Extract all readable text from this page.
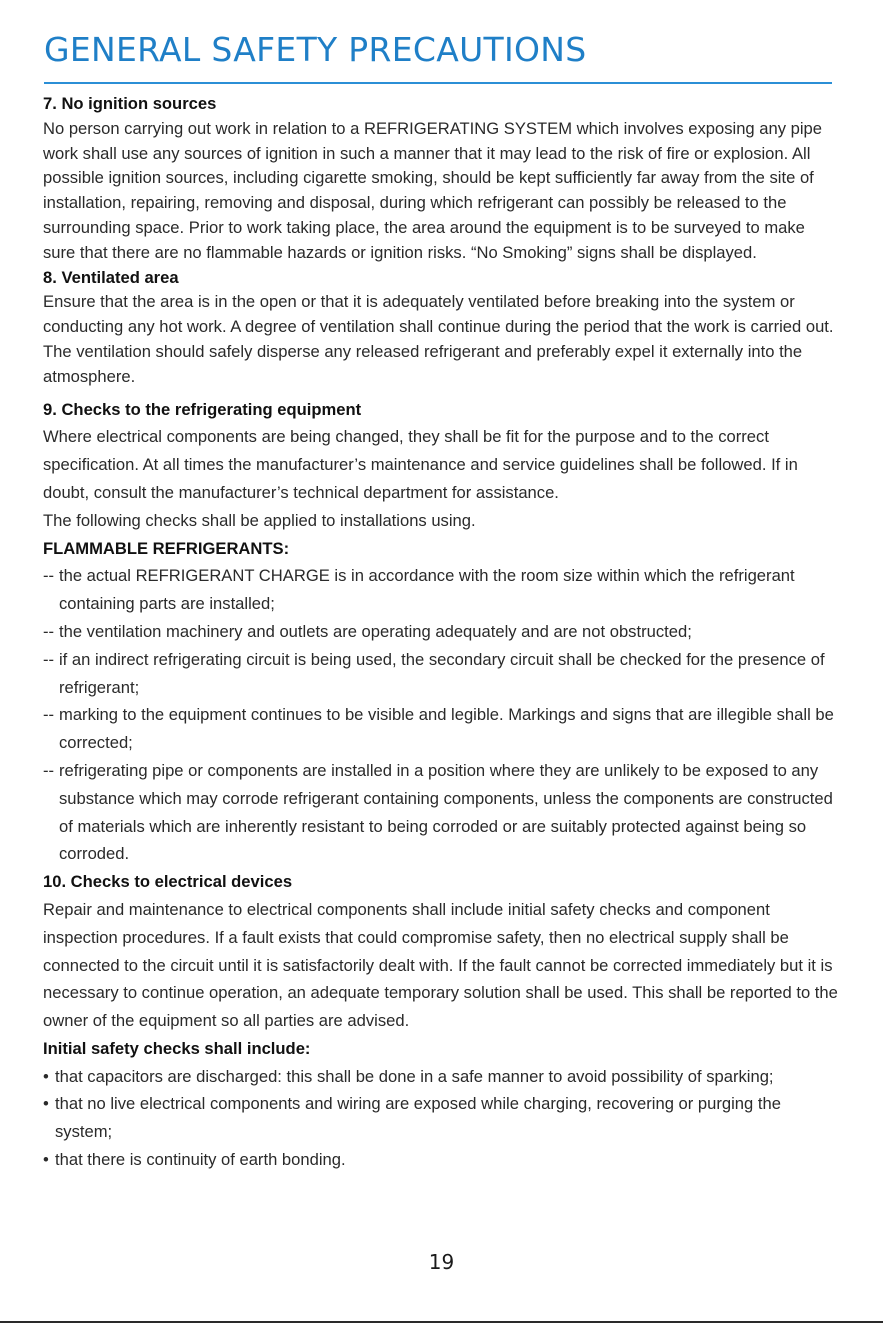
GENERAL SAFETY PRECAUTIONS
7. No ignition sources

No person carrying out work in relation to a REFRIGERATING SYSTEM which involves exposing any pipe work shall use any sources of ignition in such a manner that it may lead to the risk of fire or explosion. All possible ignition sources, including cigarette smoking, should be kept sufficiently far away from the site of installation, repairing, removing and disposal, during which refrigerant can possibly be released to the surrounding space. Prior to work taking place, the area around the equipment is to be surveyed to make sure that there are no flammable hazards or ignition risks. “No Smoking” signs shall be displayed.

8. Ventilated area

Ensure that the area is in the open or that it is adequately ventilated before breaking into the system or conducting any hot work. A degree of ventilation shall continue during the period that the work is carried out. The ventilation should safely disperse any released refrigerant and preferably expel it externally into the atmosphere.

9. Checks to the refrigerating equipment

Where electrical components are being changed, they shall be fit for the purpose and to the correct specification. At all times the manufacturer’s maintenance and service guidelines shall be followed. If in doubt, consult the manufacturer’s technical department for assistance.

The following checks shall be applied to installations using.

FLAMMABLE REFRIGERANTS:
-- the actual REFRIGERANT CHARGE is in accordance with the room size within which the refrigerant containing parts are installed;
-- the ventilation machinery and outlets are operating adequately and are not obstructed;
-- if an indirect refrigerating circuit is being used, the secondary circuit shall be checked for the presence of refrigerant;
-- marking to the equipment continues to be visible and legible. Markings and signs that are illegible shall be corrected;
-- refrigerating pipe or components are installed in a position where they are unlikely to be exposed to any substance which may corrode refrigerant containing components, unless the components are constructed of materials which are inherently resistant to being corroded or are suitably protected against being so corroded.
10. Checks to electrical devices

Repair and maintenance to electrical components shall include initial safety checks and component inspection procedures. If a fault exists that could compromise safety, then no electrical supply shall be connected to the circuit until it is satisfactorily dealt with. If the fault cannot be corrected immediately but it is necessary to continue operation, an adequate temporary solution shall be used. This shall be reported to the owner of the equipment so all parties are advised.

Initial safety checks shall include:
• that capacitors are discharged: this shall be done in a safe manner to avoid possibility of sparking;
• that no live electrical components and wiring are exposed while charging, recovering or purging the system;
• that there is continuity of earth bonding.
19
